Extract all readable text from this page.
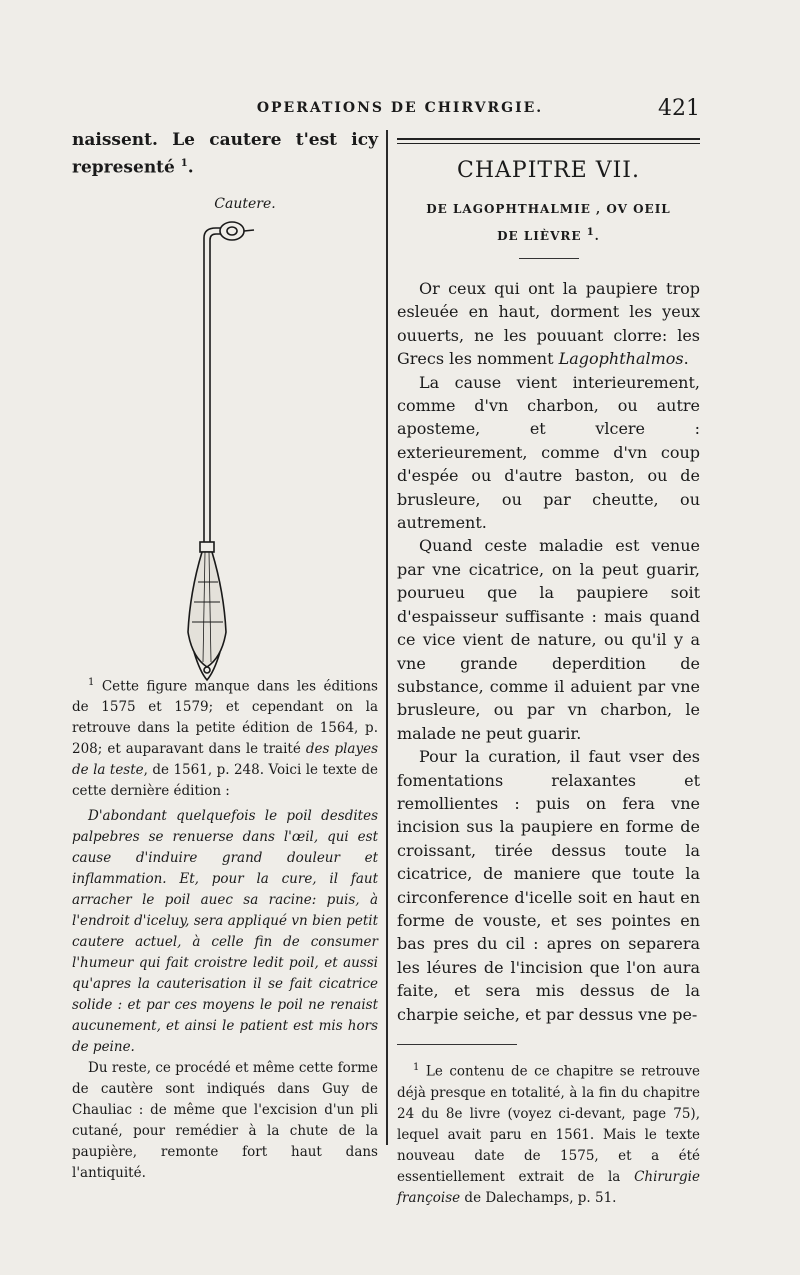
OPERATIONS DE CHIRVRGIE.	421

naissent. Le cautere t'est icy representé $^1$.

Cautere.

$^1$ Cette figure manque dans les éditions de 1575 et 1579; et cependant on la retrouve dans la petite édition de 1564, p. 208; et auparavant dans le traité des playes de la teste, de 1561, p. 248. Voici le texte de cette dernière édition :

D'abondant quelquefois le poil desdites palpebres se renuerse dans l'œil, qui est cause d'induire grand douleur et inflammation. Et, pour la cure, il faut arracher le poil auec sa racine: puis, à l'endroit d'iceluy, sera appliqué vn bien petit cautere actuel, à celle fin de consumer l'humeur qui fait croistre ledit poil, et aussi qu'apres la cauterisation il se fait cicatrice solide : et par ces moyens le poil ne renaist aucunement, et ainsi le patient est mis hors de peine.

Du reste, ce procédé et même cette forme de cautère sont indiqués dans Guy de Chauliac : de même que l'excision d'un pli cutané, pour remédier à la chute de la paupière, remonte fort haut dans l'antiquité.

CHAPITRE VII.

DE LAGOPHTHALMIE , OV OEIL
DE LIÈVRE $^1$.

Or ceux qui ont la paupiere trop esleuée en haut, dorment les yeux ouuerts, ne les pouuant clorre: les Grecs les nomment Lagophthalmos.

La cause vient interieurement, comme d'vn charbon, ou autre aposteme, et vlcere : exterieurement, comme d'vn coup d'espée ou d'autre baston, ou de brusleure, ou par cheutte, ou autrement.

Quand ceste maladie est venue par vne cicatrice, on la peut guarir, pourueu que la paupiere soit d'espaisseur suffisante : mais quand ce vice vient de nature, ou qu'il y a vne grande deperdition de substance, comme il aduient par vne brusleure, ou par vn charbon, le malade ne peut guarir.

Pour la curation, il faut vser des fomentations relaxantes et remollientes : puis on fera vne incision sus la paupiere en forme de croissant, tirée dessus toute la cicatrice, de maniere que toute la circonference d'icelle soit en haut en forme de vouste, et ses pointes en bas pres du cil : apres on separera les léures de l'incision que l'on aura faite, et sera mis dessus de la charpie seiche, et par dessus vne pe-

$^1$ Le contenu de ce chapitre se retrouve déjà presque en totalité, à la fin du chapitre 24 du 8e livre (voyez ci-devant, page 75), lequel avait paru en 1561. Mais le texte nouveau date de 1575, et a été essentiellement extrait de la Chirurgie françoise de Dalechamps, p. 51.
